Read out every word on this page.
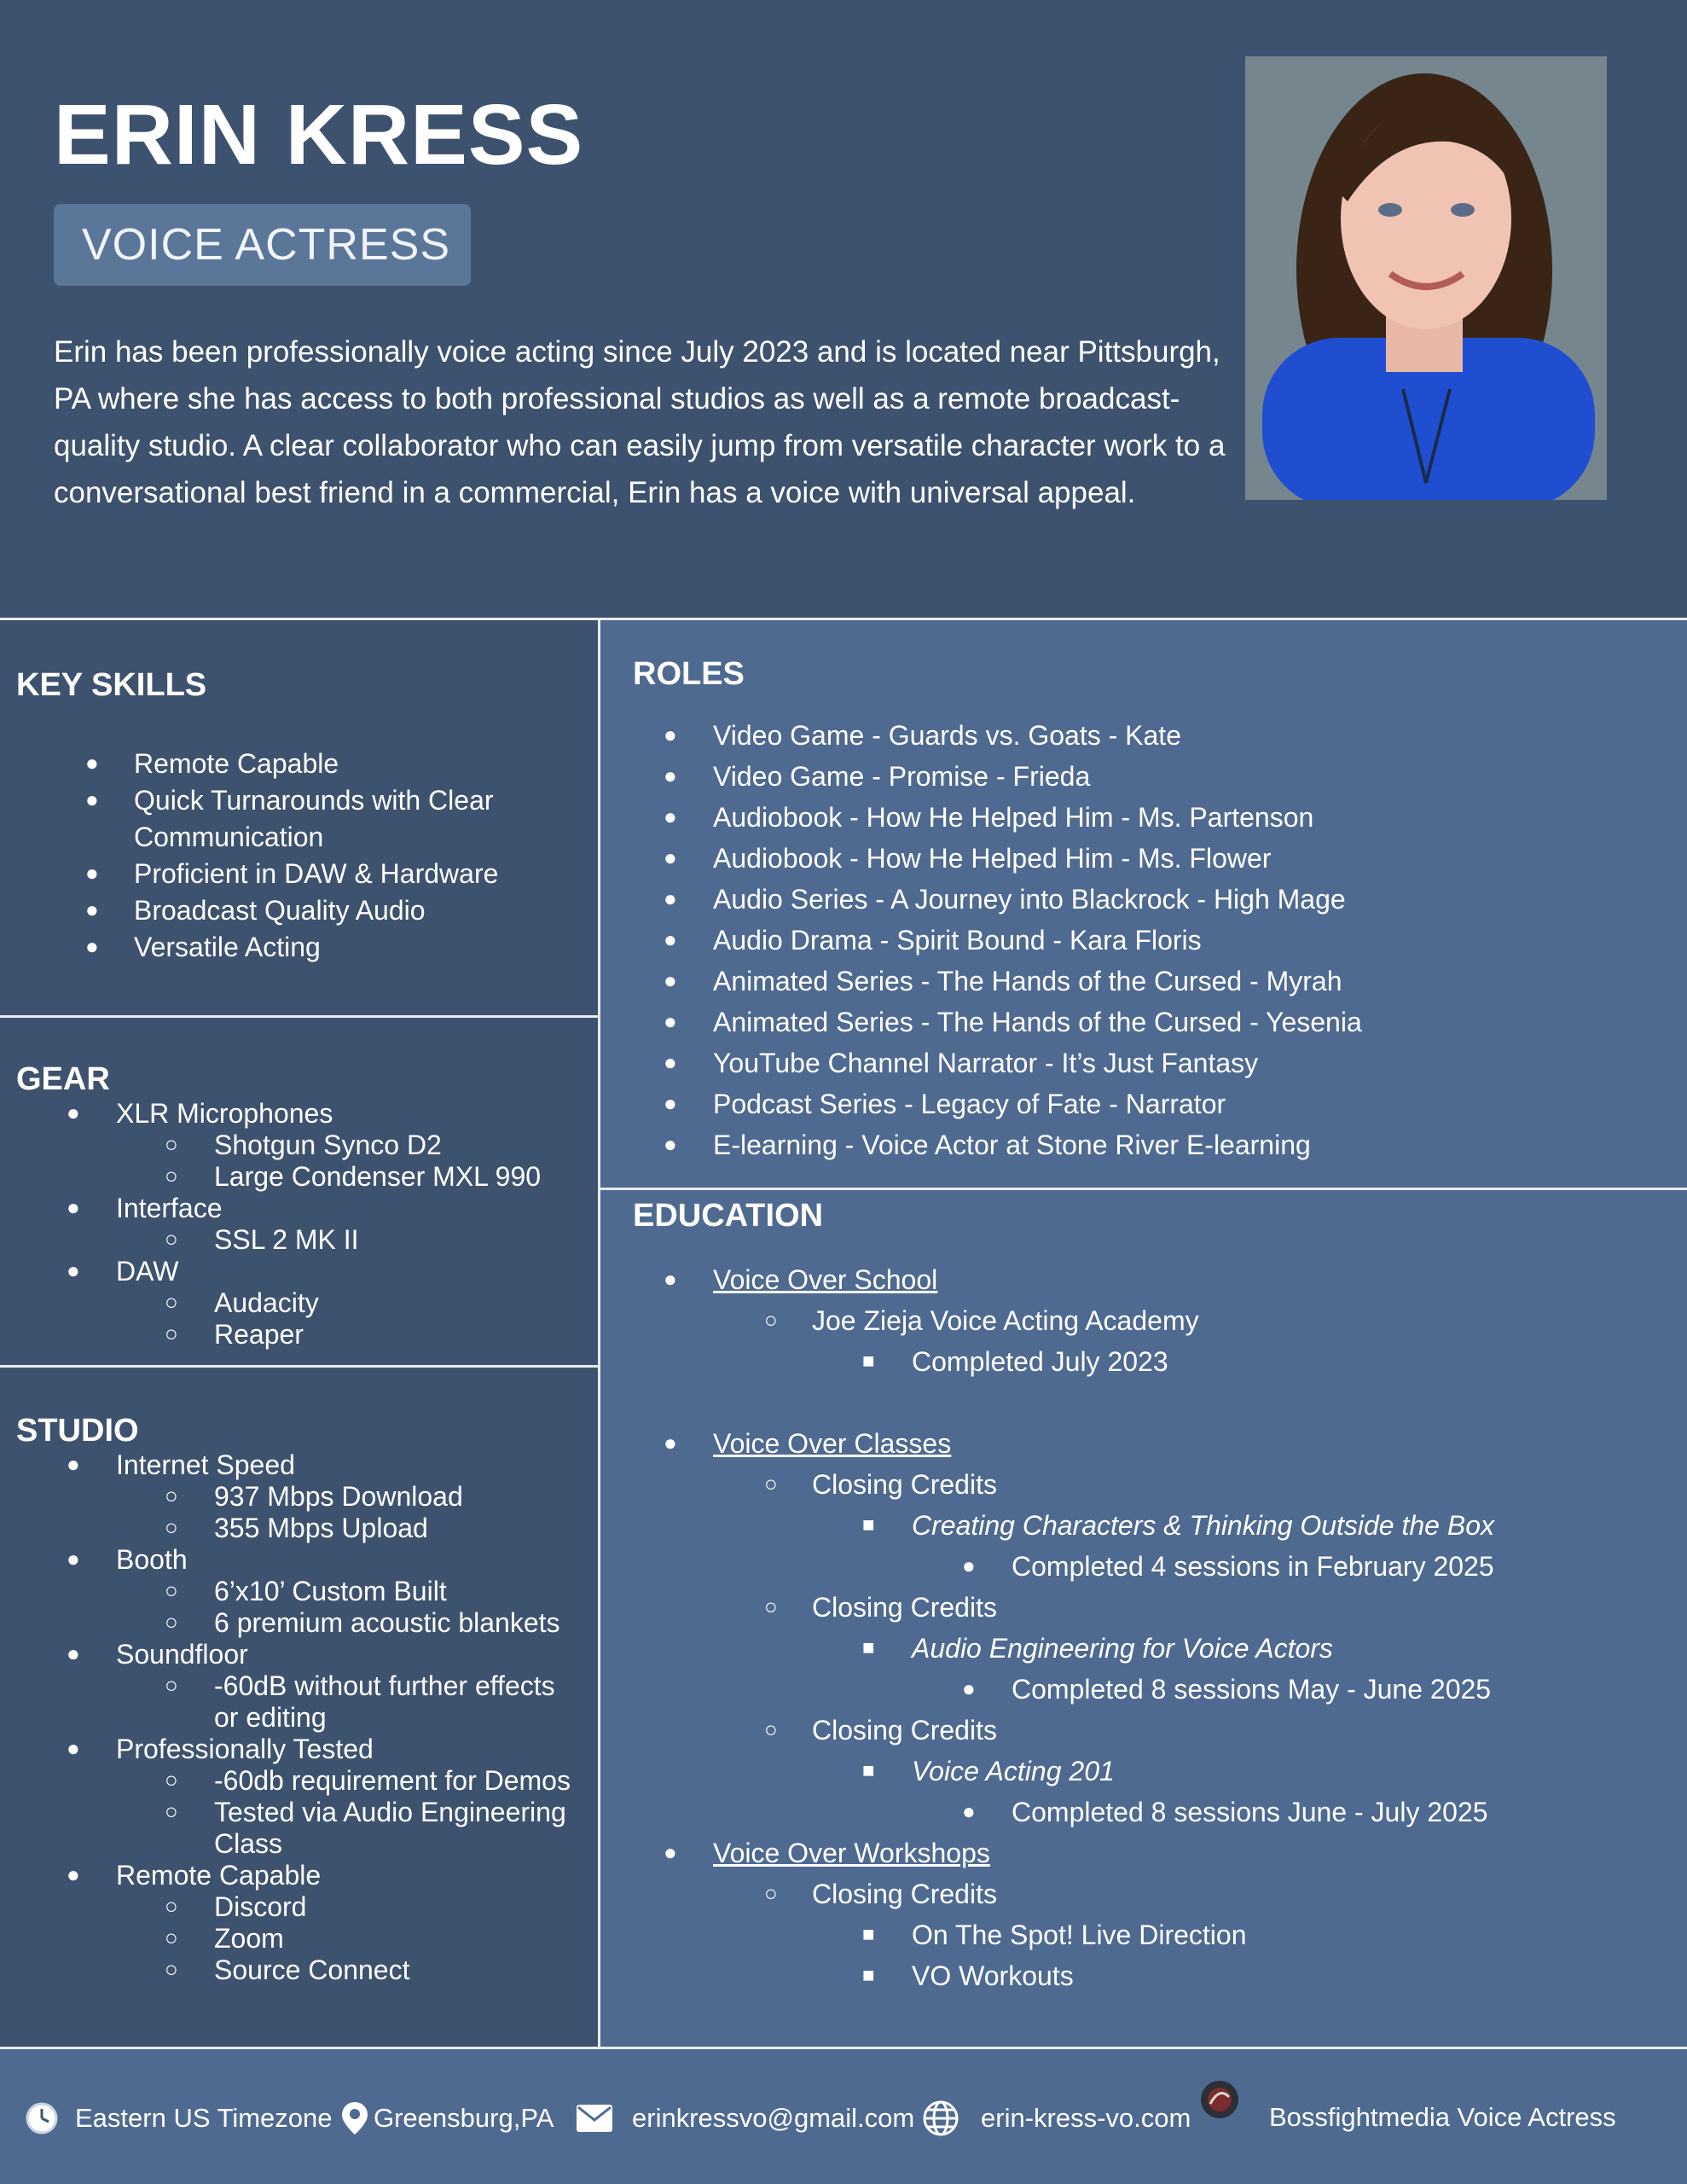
ERIN KRESS
VOICE ACTRESS

Erin has been professionally voice acting since July 2023 and is located near Pittsburgh, PA where she has access to both professional studios as well as a remote broadcast-quality studio. A clear collaborator who can easily jump from versatile character work to a conversational best friend in a commercial, Erin has a voice with universal appeal.

KEY SKILLS
● Remote Capable
● Quick Turnarounds with Clear
Communication
● Proficient in DAW & Hardware
● Broadcast Quality Audio
● Versatile Acting
GEAR
● XLR Microphones
○ Shotgun Synco D2
○ Large Condenser MXL 990
● Interface
○ SSL 2 MK II
● DAW
○ Audacity
○ Reaper
STUDIO
● Internet Speed
○ 937 Mbps Download
○ 355 Mbps Upload
● Booth
○ 6’x10’ Custom Built
○ 6 premium acoustic blankets
● Soundfloor
○ -60dB without further effects
or editing
● Professionally Tested
○ -60db requirement for Demos
○ Tested via Audio Engineering
Class
● Remote Capable
○ Discord
○ Zoom
○ Source Connect
ROLES
● Video Game - Guards vs. Goats - Kate
● Video Game - Promise - Frieda
● Audiobook - How He Helped Him - Ms. Partenson
● Audiobook - How He Helped Him - Ms. Flower
● Audio Series - A Journey into Blackrock - High Mage
● Audio Drama - Spirit Bound - Kara Floris
● Animated Series - The Hands of the Cursed - Myrah
● Animated Series - The Hands of the Cursed - Yesenia
● YouTube Channel Narrator - It’s Just Fantasy
● Podcast Series - Legacy of Fate - Narrator
● E-learning - Voice Actor at Stone River E-learning
EDUCATION
● Voice Over School
○ Joe Zieja Voice Acting Academy
■ Completed July 2023
● Voice Over Classes
○ Closing Credits
■ Creating Characters & Thinking Outside the Box
● Completed 4 sessions in February 2025
○ Closing Credits
■ Audio Engineering for Voice Actors
● Completed 8 sessions May - June 2025
○ Closing Credits
■ Voice Acting 201
● Completed 8 sessions June - July 2025
● Voice Over Workshops
○ Closing Credits
■ On The Spot! Live Direction
■ VO Workouts
Eastern US Timezone Greensburg,PA	erinkressvo@gmail.com	erin-kress-vo.com	Bossfightmedia Voice Actress
